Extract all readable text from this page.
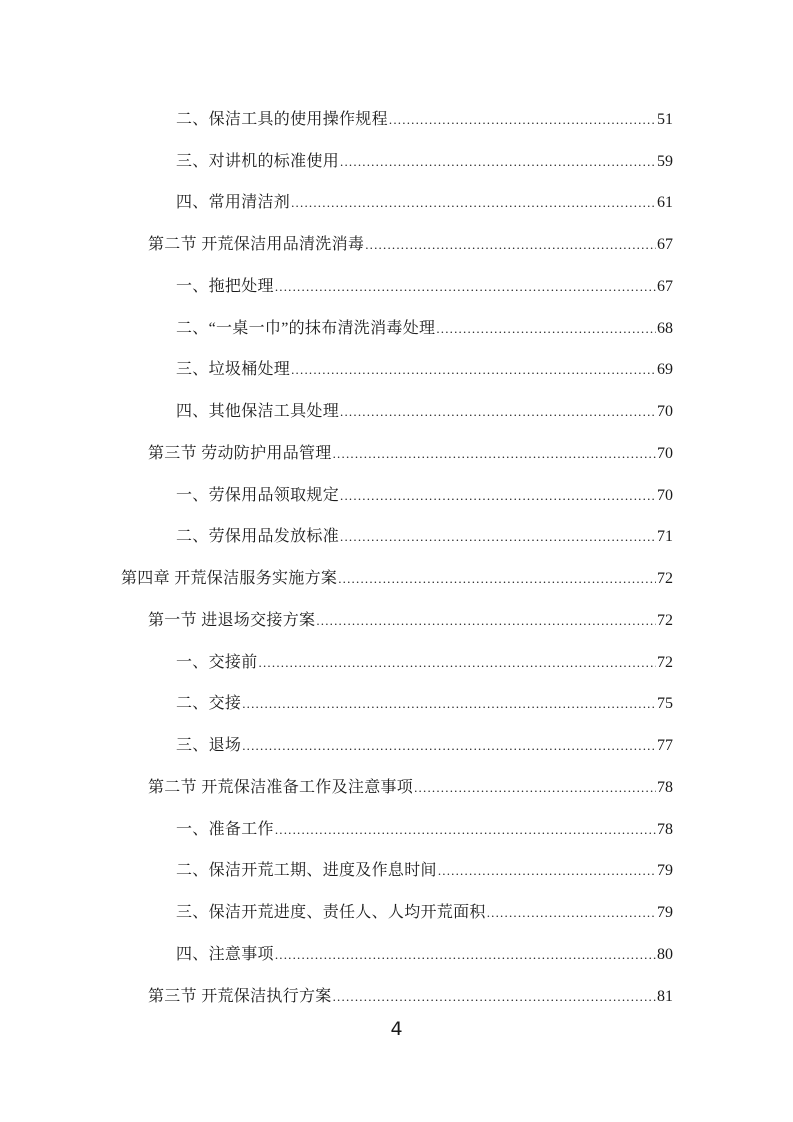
二、保洁工具的使用操作规程 .....	51
三、对讲机的标准使用 .....	59
四、常用清洁剂 .....	61
第二节 开荒保洁用品清洗消毒 .....	67
一、拖把处理 .....	67
二、“一桌一巾”的抹布清洗消毒处理 .....	68
三、垃圾桶处理 .....	69
四、其他保洁工具处理 .....	70
第三节 劳动防护用品管理 .....	70
一、劳保用品领取规定 .....	70
二、劳保用品发放标准 .....	71
第四章 开荒保洁服务实施方案 .....	72
第一节 进退场交接方案 .....	72
一、交接前 .....	72
二、交接 .....	75
三、退场 .....	77
第二节 开荒保洁准备工作及注意事项 .....	78
一、准备工作 .....	78
二、保洁开荒工期、进度及作息时间 .....	79
三、保洁开荒进度、责任人、人均开荒面积 .....	79
四、注意事项 .....	80
第三节 开荒保洁执行方案 .....	81
4
